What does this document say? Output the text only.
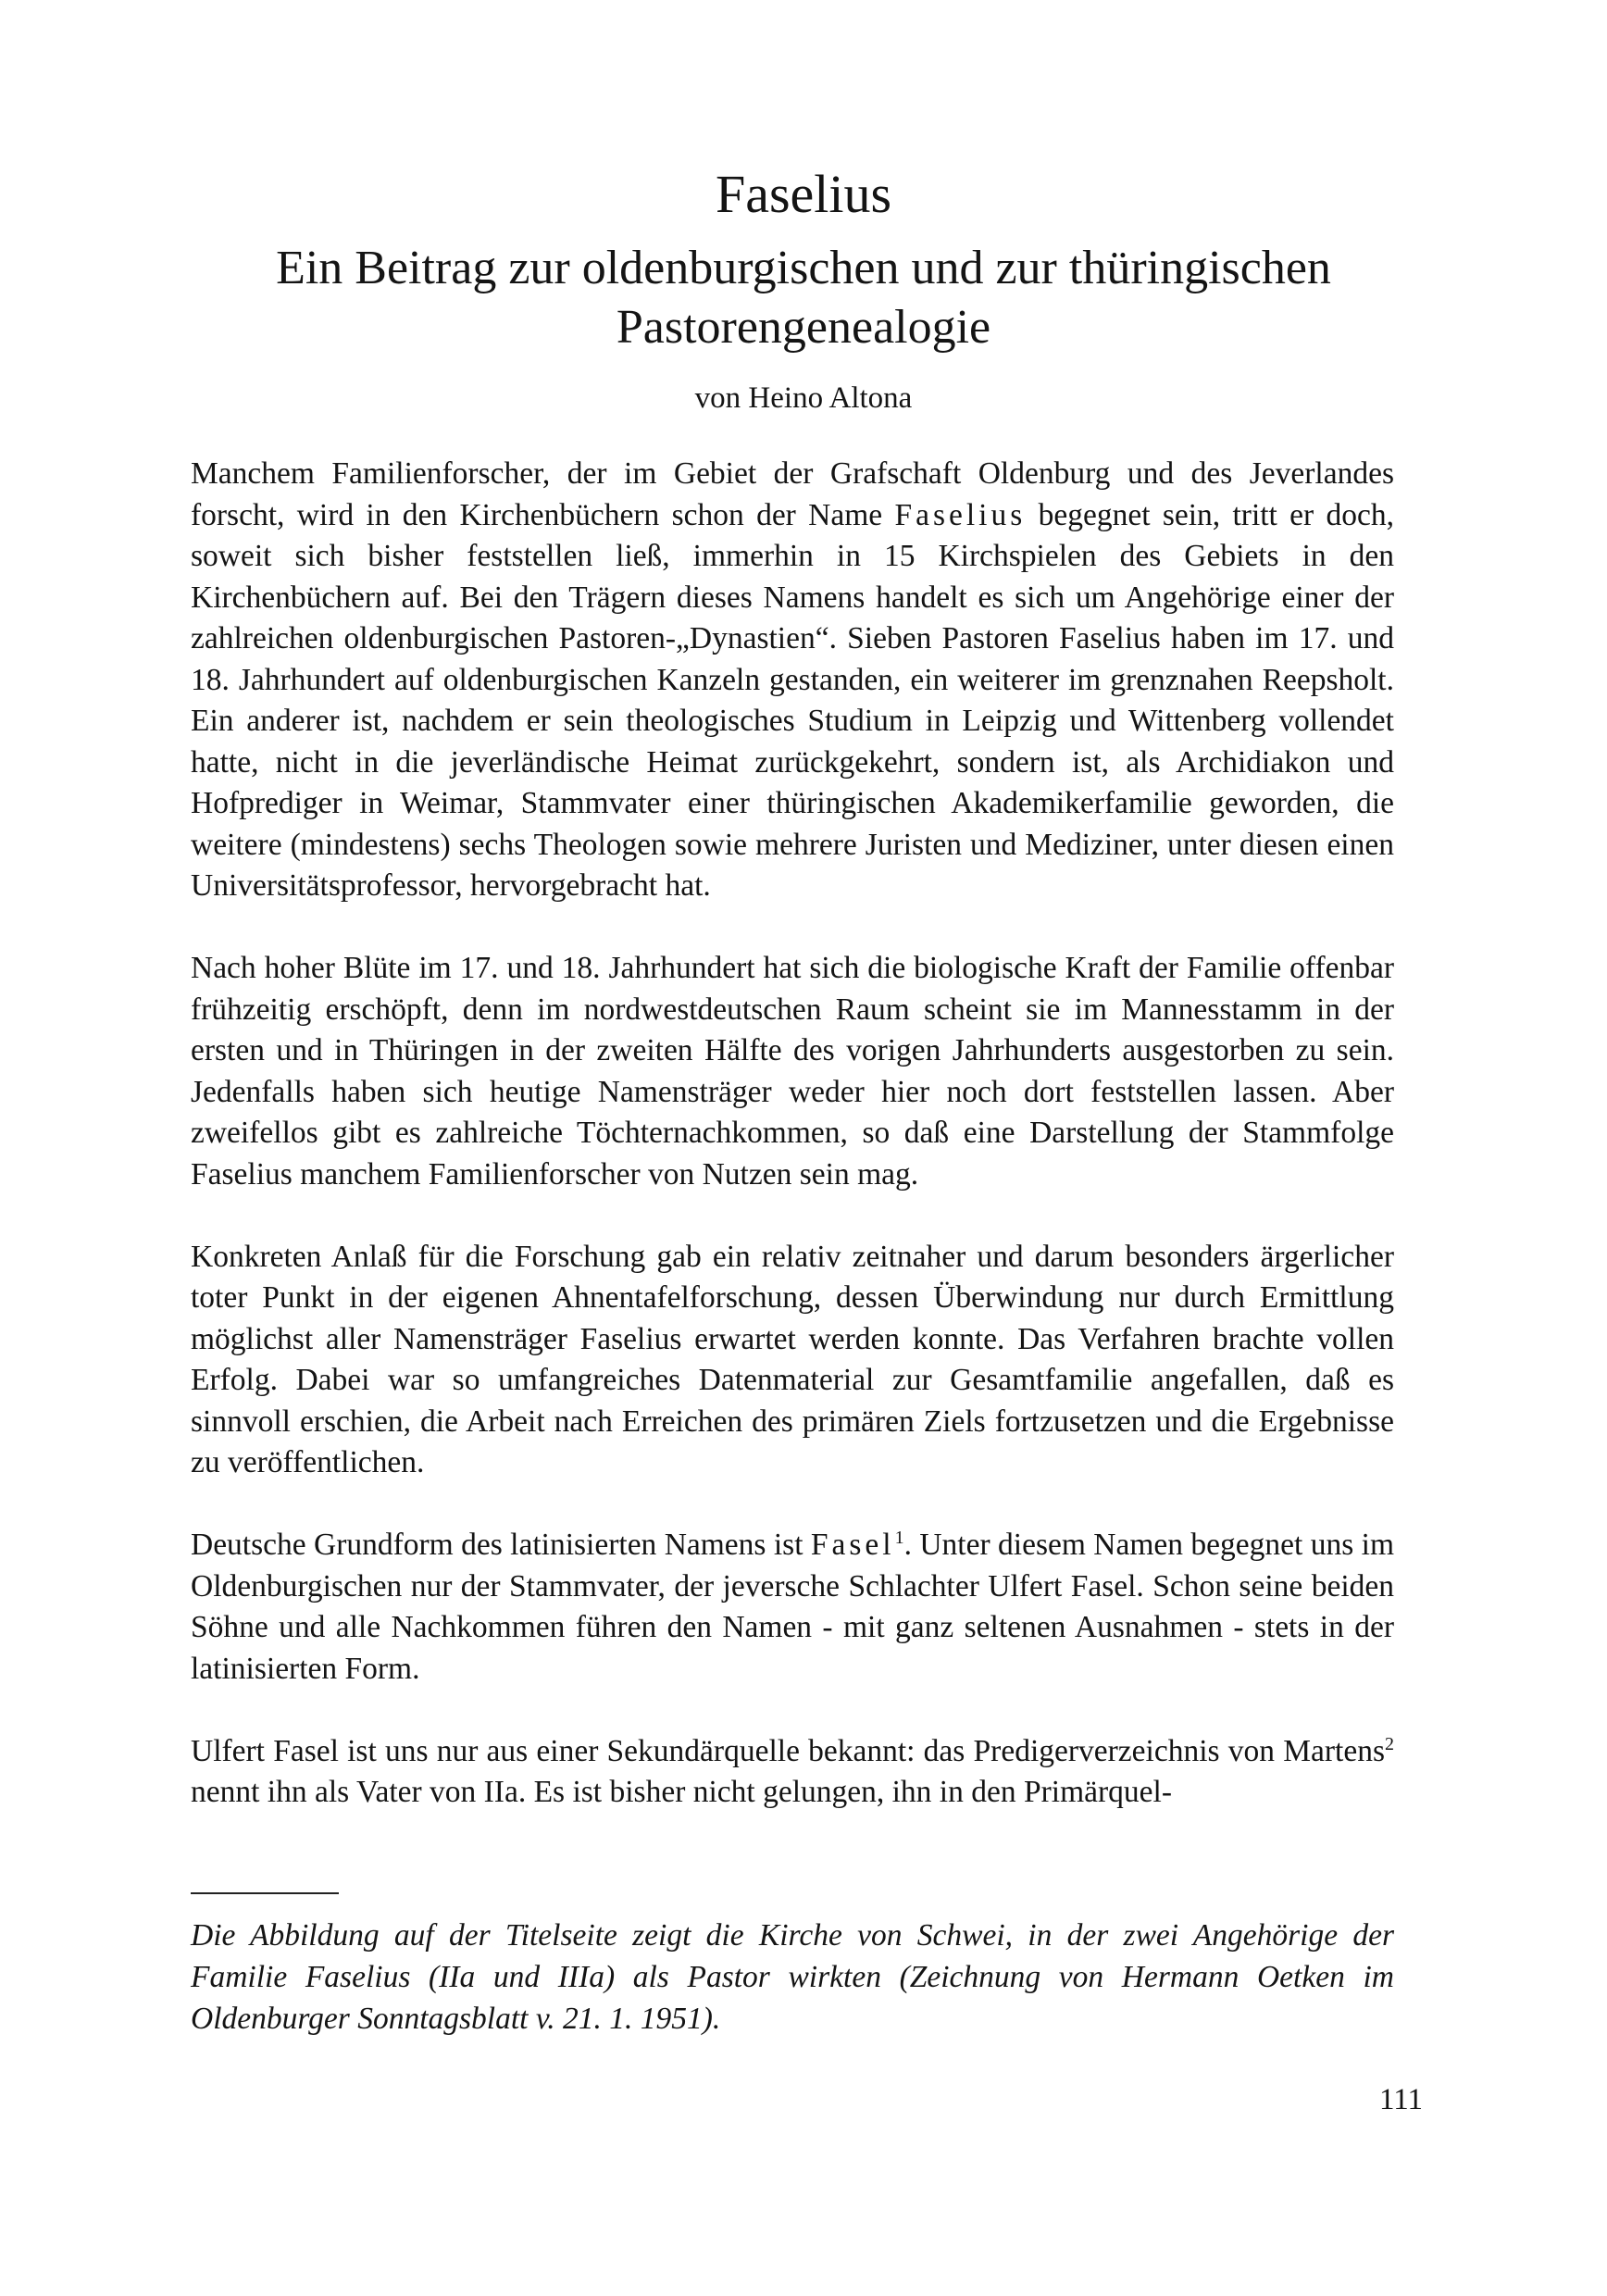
Faselius
Ein Beitrag zur oldenburgischen und zur thüringischen
Pastorengenealogie
von Heino Altona

Manchem Familienforscher, der im Gebiet der Grafschaft Oldenburg und des Jeverlandes forscht, wird in den Kirchenbüchern schon der Name Faselius begegnet sein, tritt er doch, soweit sich bisher feststellen ließ, immerhin in 15 Kirchspielen des Gebiets in den Kirchenbüchern auf. Bei den Trägern dieses Namens handelt es sich um Angehörige einer der zahlreichen oldenburgischen Pastoren-„Dynastien“. Sieben Pastoren Faselius haben im 17. und 18. Jahrhundert auf oldenburgischen Kanzeln gestanden, ein weiterer im grenznahen Reepsholt. Ein anderer ist, nachdem er sein theologisches Studium in Leipzig und Wittenberg vollendet hatte, nicht in die jeverländische Heimat zurückgekehrt, sondern ist, als Archidiakon und Hofprediger in Weimar, Stammvater einer thüringischen Akademikerfamilie geworden, die weitere (mindestens) sechs Theologen sowie mehrere Juristen und Mediziner, unter diesen einen Universitätsprofessor, hervorgebracht hat.

Nach hoher Blüte im 17. und 18. Jahrhundert hat sich die biologische Kraft der Familie offenbar frühzeitig erschöpft, denn im nordwestdeutschen Raum scheint sie im Mannesstamm in der ersten und in Thüringen in der zweiten Hälfte des vorigen Jahrhunderts ausgestorben zu sein. Jedenfalls haben sich heutige Namensträger weder hier noch dort feststellen lassen. Aber zweifellos gibt es zahlreiche Töchternachkommen, so daß eine Darstellung der Stammfolge Faselius manchem Familienforscher von Nutzen sein mag.

Konkreten Anlaß für die Forschung gab ein relativ zeitnaher und darum besonders ärgerlicher toter Punkt in der eigenen Ahnentafelforschung, dessen Überwindung nur durch Ermittlung möglichst aller Namensträger Faselius erwartet werden konnte. Das Verfahren brachte vollen Erfolg. Dabei war so umfangreiches Datenmaterial zur Gesamtfamilie angefallen, daß es sinnvoll erschien, die Arbeit nach Erreichen des primären Ziels fortzusetzen und die Ergebnisse zu veröffentlichen.

Deutsche Grundform des latinisierten Namens ist Fasel$^1$. Unter diesem Namen begegnet uns im Oldenburgischen nur der Stammvater, der jeversche Schlachter Ulfert Fasel. Schon seine beiden Söhne und alle Nachkommen führen den Namen - mit ganz seltenen Ausnahmen - stets in der latinisierten Form.

Ulfert Fasel ist uns nur aus einer Sekundärquelle bekannt: das Predigerverzeichnis von Martens$^2$ nennt ihn als Vater von IIa. Es ist bisher nicht gelungen, ihn in den Primärquel-

Die Abbildung auf der Titelseite zeigt die Kirche von Schwei, in der zwei Angehörige der Familie Faselius (IIa und IIIa) als Pastor wirkten (Zeichnung von Hermann Oetken im Oldenburger Sonntagsblatt v. 21. 1. 1951).

111
